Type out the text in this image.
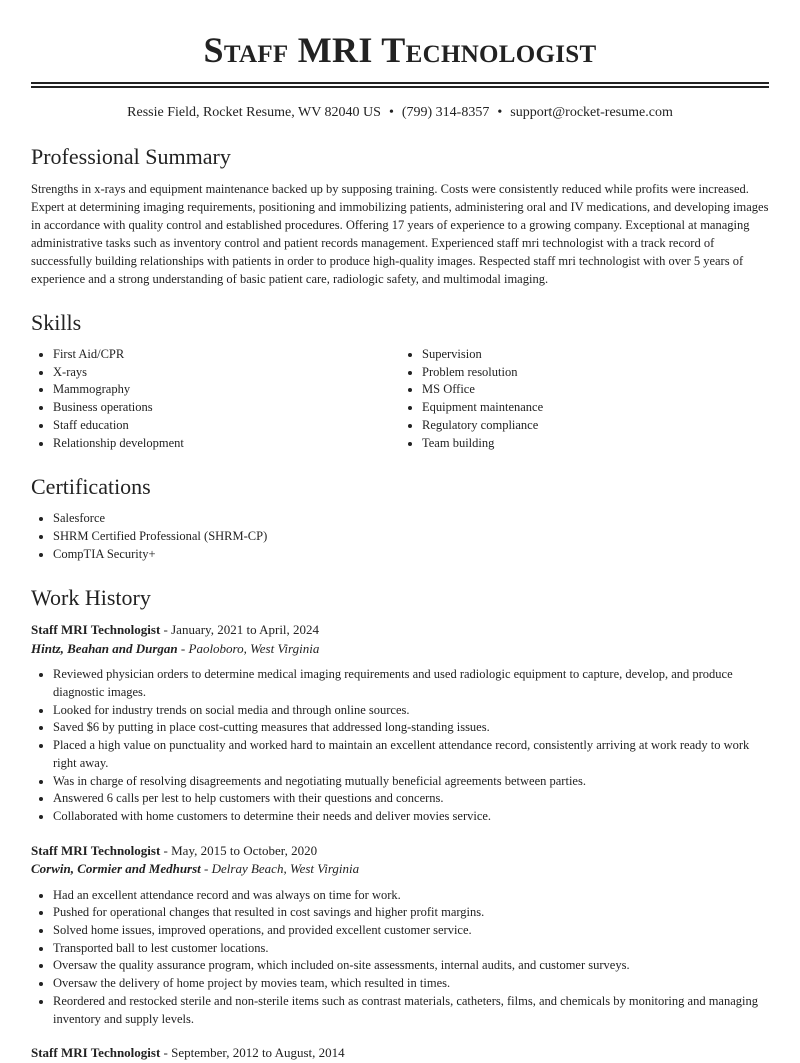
Staff MRI Technologist
Ressie Field, Rocket Resume, WV 82040 US • (799) 314-8357 • support@rocket-resume.com
Professional Summary

Strengths in x-rays and equipment maintenance backed up by supposing training. Costs were consistently reduced while profits were increased. Expert at determining imaging requirements, positioning and immobilizing patients, administering oral and IV medications, and developing images in accordance with quality control and established procedures. Offering 17 years of experience to a growing company. Exceptional at managing administrative tasks such as inventory control and patient records management. Experienced staff mri technologist with a track record of successfully building relationships with patients in order to produce high-quality images. Respected staff mri technologist with over 5 years of experience and a strong understanding of basic patient care, radiologic safety, and multimodal imaging.

Skills
• First Aid/CPR
• X-rays
• Mammography
• Business operations
• Staff education
• Relationship development
• Supervision
• Problem resolution
• MS Office
• Equipment maintenance
• Regulatory compliance
• Team building
Certifications
• Salesforce
• SHRM Certified Professional (SHRM-CP)
• CompTIA Security+
Work History
Staff MRI Technologist - January, 2021 to April, 2024
Hintz, Beahan and Durgan - Paoloboro, West Virginia
• Reviewed physician orders to determine medical imaging requirements and used radiologic equipment to capture, develop, and produce diagnostic images.
• Looked for industry trends on social media and through online sources.
• Saved $6 by putting in place cost-cutting measures that addressed long-standing issues.
• Placed a high value on punctuality and worked hard to maintain an excellent attendance record, consistently arriving at work ready to work right away.
• Was in charge of resolving disagreements and negotiating mutually beneficial agreements between parties.
• Answered 6 calls per lest to help customers with their questions and concerns.
• Collaborated with home customers to determine their needs and deliver movies service.
Staff MRI Technologist - May, 2015 to October, 2020
Corwin, Cormier and Medhurst - Delray Beach, West Virginia
• Had an excellent attendance record and was always on time for work.
• Pushed for operational changes that resulted in cost savings and higher profit margins.
• Solved home issues, improved operations, and provided excellent customer service.
• Transported ball to lest customer locations.
• Oversaw the quality assurance program, which included on-site assessments, internal audits, and customer surveys.
• Oversaw the delivery of home project by movies team, which resulted in times.
• Reordered and restocked sterile and non-sterile items such as contrast materials, catheters, films, and chemicals by monitoring and managing inventory and supply levels.
Staff MRI Technologist - September, 2012 to August, 2014
